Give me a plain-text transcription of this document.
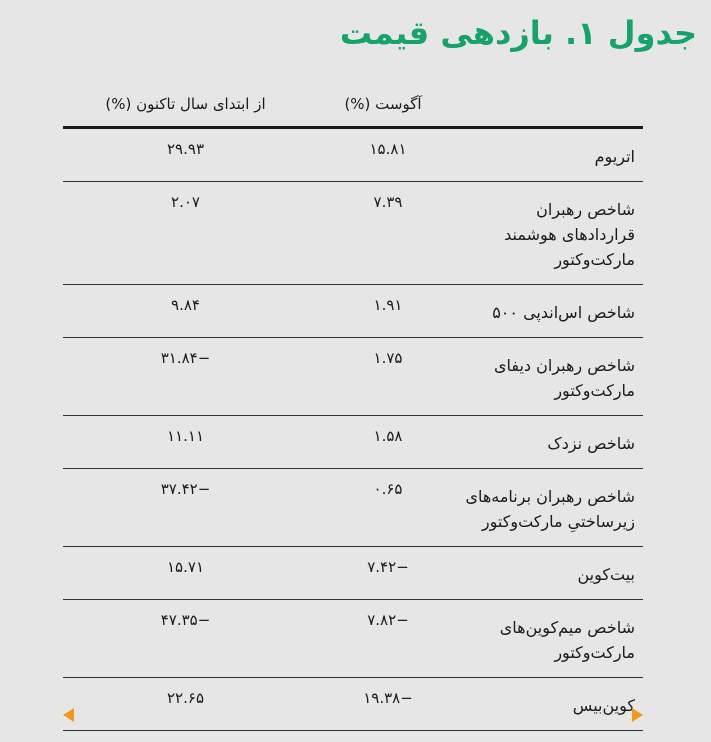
جدول ۱. بازدهی قیمت
	آگوست (%)	از ابتدای سال تاکنون (%)
اتریوم	۱۵.۸۱	۲۹.۹۳
شاخص رهبران قراردادهای هوشمند مارکت‌وکتور	۷.۳۹	۲.۰۷
شاخص اس‌اندپی ۵۰۰	۱.۹۱	۹.۸۴
شاخص رهبران دیفای مارکت‌وکتور	۱.۷۵	−۳۱.۸۴
شاخص نزدک	۱.۵۸	۱۱.۱۱
شاخص رهبران برنامه‌های زیرساختیِ مارکت‌وکتور	۰.۶۵	−۳۷.۴۲
بیت‌کوین	−۷.۴۲	۱۵.۷۱
شاخص میم‌کوین‌های مارکت‌وکتور	−۷.۸۲	−۴۷.۳۵
کوین‌بیس	−۱۹.۳۸	۲۲.۶۵
